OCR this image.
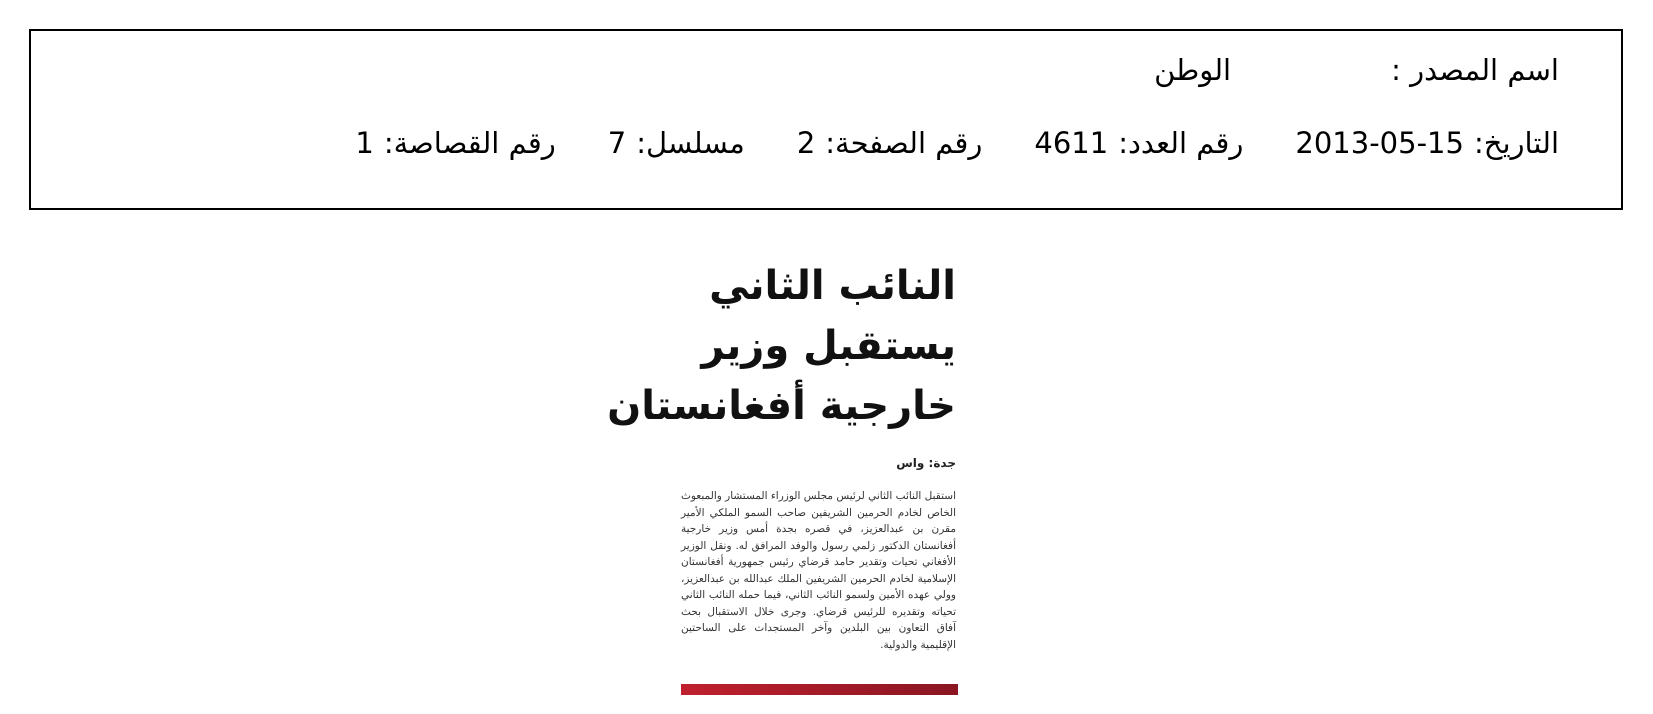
اسم المصدر :
الوطن
التاريخ:
2013-05-15
رقم العدد:
4611
رقم الصفحة:
2
مسلسل:
7
رقم القصاصة:
1
النائب الثاني
يستقبل وزير
خارجية أفغانستان
جدة: واس
استقبل النائب الثاني لرئيس مجلس الوزراء المستشار والمبعوث الخاص لخادم الحرمين الشريفين صاحب السمو الملكي الأمير مقرن بن عبدالعزيز، في قصره بجدة أمس وزير خارجية أفغانستان الدكتور زلمي رسول والوفد المرافق له. ونقل الوزير الأفغاني تحيات وتقدير حامد قرضاي رئيس جمهورية أفغانستان الإسلامية لخادم الحرمين الشريفين الملك عبدالله بن عبدالعزيز، وولي عهده الأمين ولسمو النائب الثاني، فيما حمله النائب الثاني تحياته وتقديره للرئيس قرضاي. وجرى خلال الاستقبال بحث آفاق التعاون بين البلدين وآخر المستجدات على الساحتين الإقليمية والدولية.
